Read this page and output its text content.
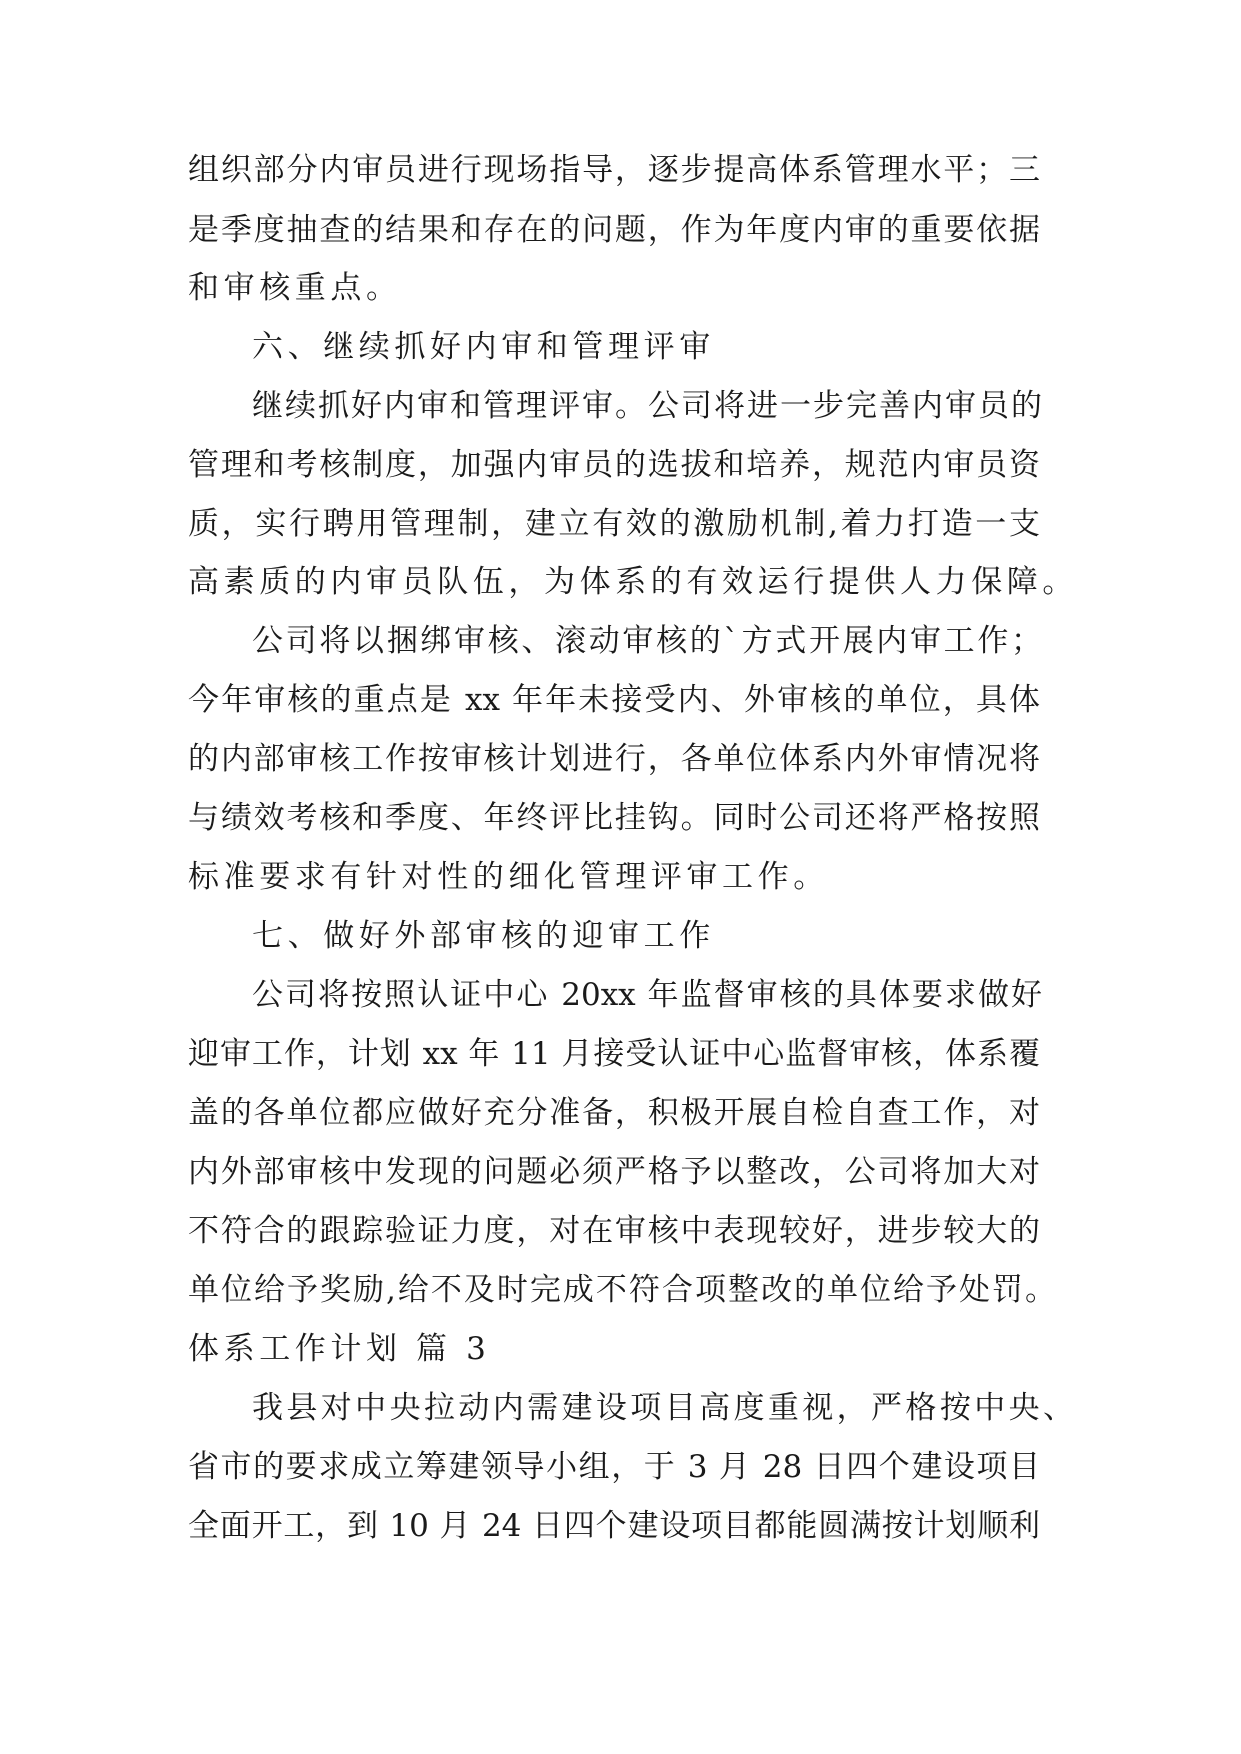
组织部分内审员进行现场指导，逐步提高体系管理水平；三
是季度抽查的结果和存在的问题，作为年度内审的重要依据
和审核重点。
六、继续抓好内审和管理评审
继续抓好内审和管理评审。公司将进一步完善内审员的
管理和考核制度，加强内审员的选拔和培养，规范内审员资
质，实行聘用管理制，建立有效的激励机制,着力打造一支
高素质的内审员队伍，为体系的有效运行提供人力保障。
公司将以捆绑审核、滚动审核的`方式开展内审工作；
今年审核的重点是 xx 年年未接受内、外审核的单位，具体
的内部审核工作按审核计划进行，各单位体系内外审情况将
与绩效考核和季度、年终评比挂钩。同时公司还将严格按照
标准要求有针对性的细化管理评审工作。
七、做好外部审核的迎审工作
公司将按照认证中心 20xx 年监督审核的具体要求做好
迎审工作，计划 xx 年 11 月接受认证中心监督审核，体系覆
盖的各单位都应做好充分准备，积极开展自检自查工作，对
内外部审核中发现的问题必须严格予以整改，公司将加大对
不符合的跟踪验证力度，对在审核中表现较好，进步较大的
单位给予奖励,给不及时完成不符合项整改的单位给予处罚。
体系工作计划 篇 3
我县对中央拉动内需建设项目高度重视，严格按中央、
省市的要求成立筹建领导小组，于 3 月 28 日四个建设项目
全面开工，到 10 月 24 日四个建设项目都能圆满按计划顺利
